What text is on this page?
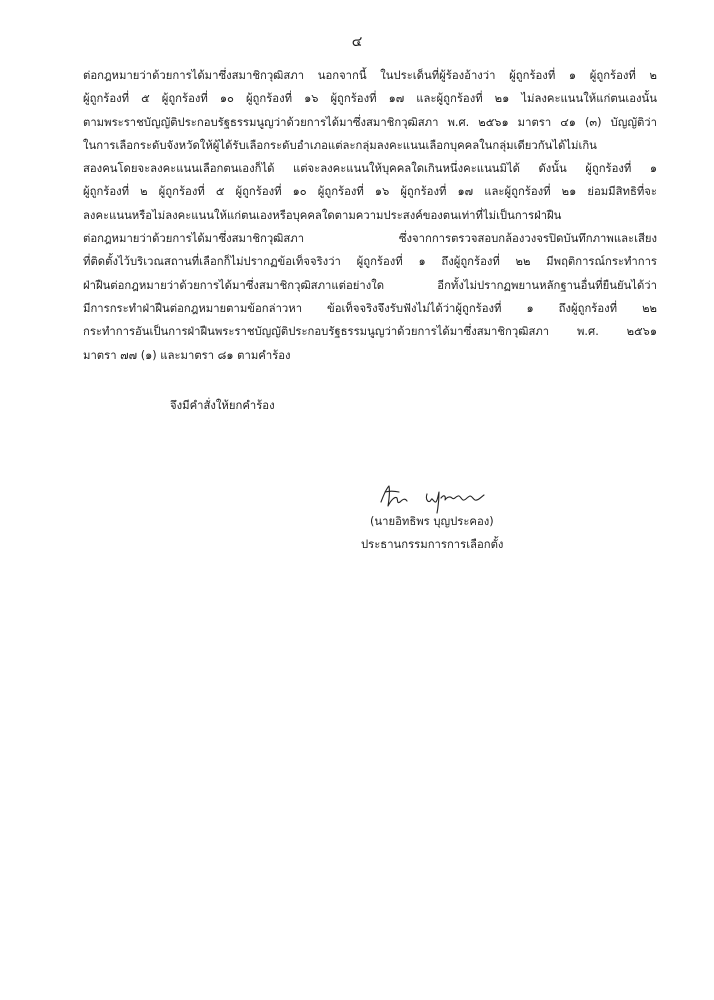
๔
ต่อกฎหมายว่าด้วยการได้มาซึ่งสมาชิกวุฒิสภา นอกจากนี้ ในประเด็นที่ผู้ร้องอ้างว่า ผู้ถูกร้องที่ ๑ ผู้ถูกร้องที่ ๒
ผู้ถูกร้องที่ ๕ ผู้ถูกร้องที่ ๑๐ ผู้ถูกร้องที่ ๑๖ ผู้ถูกร้องที่ ๑๗ และผู้ถูกร้องที่ ๒๑ ไม่ลงคะแนนให้แก่ตนเองนั้น
ตามพระราชบัญญัติประกอบรัฐธรรมนูญว่าด้วยการได้มาซึ่งสมาชิกวุฒิสภา พ.ศ. ๒๕๖๑ มาตรา ๔๑ (๓) บัญญัติว่า
ในการเลือกระดับจังหวัดให้ผู้ได้รับเลือกระดับอำเภอแต่ละกลุ่มลงคะแนนเลือกบุคคลในกลุ่มเดียวกันได้ไม่เกิน
สองคนโดยจะลงคะแนนเลือกตนเองก็ได้ แต่จะลงคะแนนให้บุคคลใดเกินหนึ่งคะแนนมิได้ ดังนั้น ผู้ถูกร้องที่ ๑
ผู้ถูกร้องที่ ๒ ผู้ถูกร้องที่ ๕ ผู้ถูกร้องที่ ๑๐ ผู้ถูกร้องที่ ๑๖ ผู้ถูกร้องที่ ๑๗ และผู้ถูกร้องที่ ๒๑ ย่อมมีสิทธิที่จะ
ลงคะแนนหรือไม่ลงคะแนนให้แก่ตนเองหรือบุคคลใดตามความประสงค์ของตนเท่าที่ไม่เป็นการฝ่าฝืน
ต่อกฎหมายว่าด้วยการได้มาซึ่งสมาชิกวุฒิสภา ซึ่งจากการตรวจสอบกล้องวงจรปิดบันทึกภาพและเสียง
ที่ติดตั้งไว้บริเวณสถานที่เลือกก็ไม่ปรากฏข้อเท็จจริงว่า ผู้ถูกร้องที่ ๑ ถึงผู้ถูกร้องที่ ๒๒ มีพฤติการณ์กระทำการ
ฝ่าฝืนต่อกฎหมายว่าด้วยการได้มาซึ่งสมาชิกวุฒิสภาแต่อย่างใด อีกทั้งไม่ปรากฏพยานหลักฐานอื่นที่ยืนยันได้ว่า
มีการกระทำฝ่าฝืนต่อกฎหมายตามข้อกล่าวหา ข้อเท็จจริงจึงรับฟังไม่ได้ว่าผู้ถูกร้องที่ ๑ ถึงผู้ถูกร้องที่ ๒๒
กระทำการอันเป็นการฝ่าฝืนพระราชบัญญัติประกอบรัฐธรรมนูญว่าด้วยการได้มาซึ่งสมาชิกวุฒิสภา พ.ศ. ๒๕๖๑
มาตรา ๗๗ (๑) และมาตรา ๘๑ ตามคำร้อง
จึงมีคำสั่งให้ยกคำร้อง
(นายอิทธิพร บุญประคอง)
ประธานกรรมการการเลือกตั้ง
